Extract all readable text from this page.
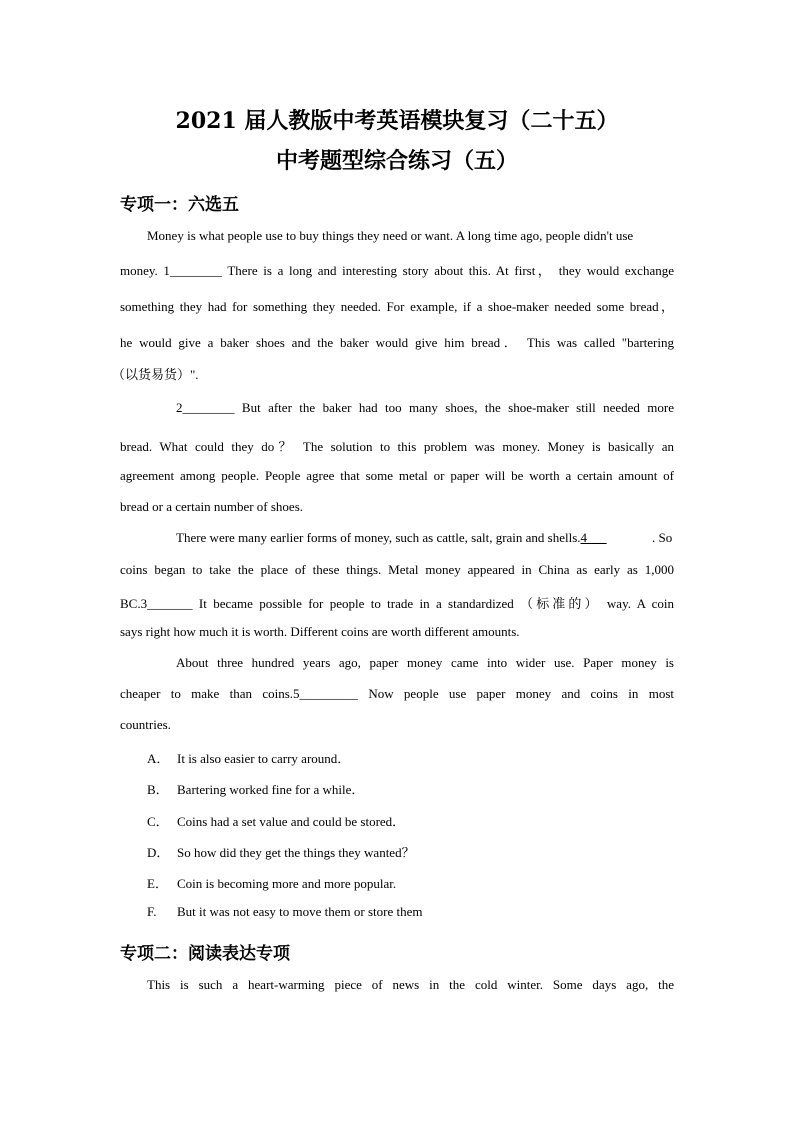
2021 届人教版中考英语模块复习（二十五）
中考题型综合练习（五）
专项一：六选五
Money is what people use to buy things they need or want. A long time ago, people didn't use
money. 1________ There is a long and interesting story about this. At first， they would exchange
something they had for something they needed. For example, if a shoe-maker needed some bread，
he would give a baker shoes and the baker would give him bread． This was called "bartering
（以货易货）".
2________ But after the baker had too many shoes, the shoe-maker still needed more
bread. What could they do？ The solution to this problem was money. Money is basically an
agreement among people. People agree that some metal or paper will be worth a certain amount of
bread or a certain number of shoes.
There were many earlier forms of money, such as cattle, salt, grain and shells.4___	. So
coins began to take the place of these things. Metal money appeared in China as early as 1,000
BC.3_______ It became possible for people to trade in a standardized （标准的） way. A coin
says right how much it is worth. Different coins are worth different amounts.
About three hundred years ago, paper money came into wider use. Paper money is
cheaper to make than coins.5_________ Now people use paper money and coins in most
countries.
A． It is also easier to carry around．
B． Bartering worked fine for a while．
C． Coins had a set value and could be stored．
D． So how did they get the things they wanted？
E． Coin is becoming more and more popular.
F. But it was not easy to move them or store them
专项二：阅读表达专项
This is such a heart-warming piece of news in the cold winter. Some days ago, the
